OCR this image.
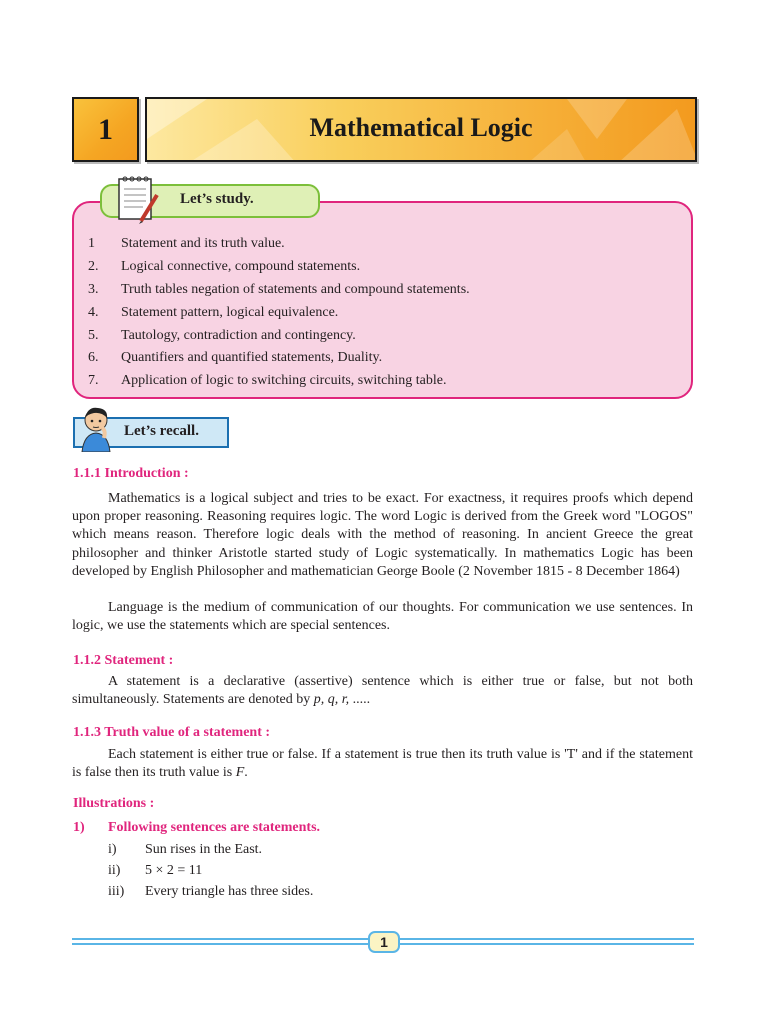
1	Mathematical Logic
Let’s study.
1	Statement and its truth value.
2.	Logical connective, compound statements.
3.	Truth tables negation of statements and compound statements.
4.	Statement pattern, logical equivalence.
5.	Tautology, contradiction and contingency.
6.	Quantifiers and quantified statements, Duality.
7.	Application of logic to switching circuits, switching table.
Let’s recall.
1.1.1 Introduction :

Mathematics is a logical subject and tries to be exact. For exactness, it requires proofs which depend upon proper reasoning. Reasoning requires logic. The word Logic is derived from the Greek word "LOGOS" which means reason. Therefore logic deals with the method of reasoning. In ancient Greece the great philosopher and thinker Aristotle started study of Logic systematically. In mathematics Logic has been developed by English Philosopher and mathematician George Boole (2 November 1815 - 8 December 1864)

Language is the medium of communication of our thoughts. For communication we use sentences. In logic, we use the statements which are special sentences.

1.1.2 Statement :

A statement is a declarative (assertive) sentence which is either true or false, but not both simultaneously. Statements are denoted by p, q, r, .....

1.1.3 Truth value of a statement :

Each statement is either true or false. If a statement is true then its truth value is 'T' and if the statement is false then its truth value is F.

Illustrations :
1) Following sentences are statements.
i) Sun rises in the East.
ii) 5 × 2 = 11
iii) Every triangle has three sides.
1
